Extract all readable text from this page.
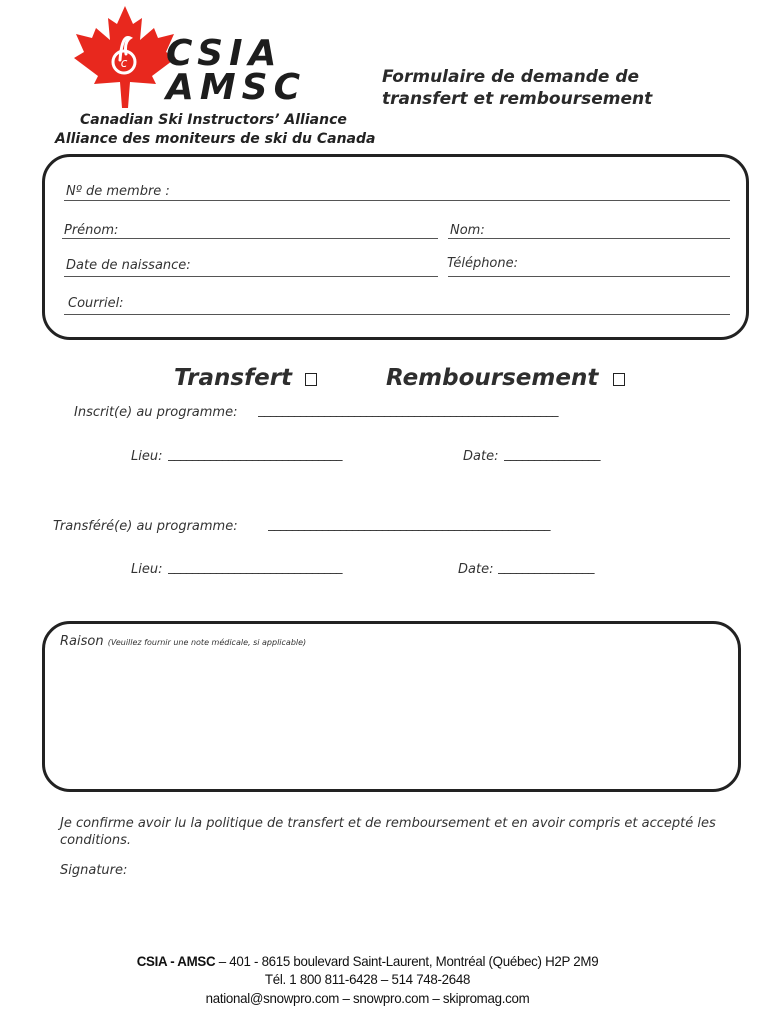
c CSIA
AMSC
Canadian Ski Instructors’ Alliance
Alliance des moniteurs de ski du Canada
Formulaire de demande de
transfert et remboursement
Nº de membre :
Prénom:	Nom:
Date de naissance:	Téléphone:
Courriel:
Transfert	Remboursement
Inscrit(e) au programme: __________________________________________________
Lieu: _____________________________	Date: ________________
Transféré(e) au programme: _______________________________________________
Lieu: _____________________________	Date: ________________
Raison (Veuillez fournir une note médicale, si applicable)
Je confirme avoir lu la politique de transfert et de remboursement et en avoir compris et accepté les conditions.
Signature:
CSIA - AMSC – 401 - 8615 boulevard Saint-Laurent, Montréal (Québec) H2P 2M9
Tél. 1 800 811-6428 – 514 748-2648
national@snowpro.com – snowpro.com – skipromag.com
